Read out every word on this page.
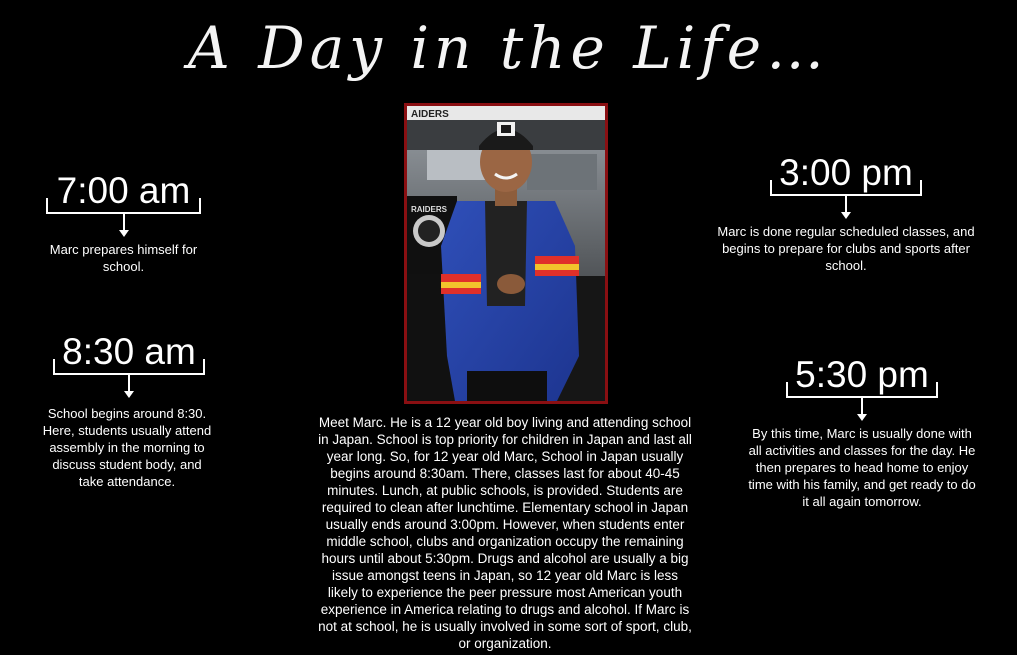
A Day in the Life…
7:00 am
Marc prepares himself for school.
8:30 am
School begins around 8:30. Here, students usually attend assembly in the morning to discuss student body, and take attendance.
3:00 pm
Marc is done regular scheduled classes, and begins to prepare for clubs and sports after school.
5:30 pm
By this time, Marc is usually done with all activities and classes for the day. He then prepares to head home to enjoy time with his family, and get ready to do it all again tomorrow.
AIDERS
RAIDERS
Meet Marc. He is a 12 year old boy living and attending school in Japan. School is top priority for children in Japan and last all year long. So, for 12 year old Marc, School in Japan usually begins around 8:30am. There, classes last for about 40-45 minutes. Lunch, at public schools, is provided. Students are required to clean after lunchtime. Elementary school in Japan usually ends around 3:00pm. However, when students enter middle school, clubs and organization occupy the remaining hours until about 5:30pm. Drugs and alcohol are usually a big issue amongst teens in Japan, so 12 year old Marc is less likely to experience the peer pressure most American youth experience in America relating to drugs and alcohol. If Marc is not at school, he is usually involved in some sort of sport, club, or organization.
